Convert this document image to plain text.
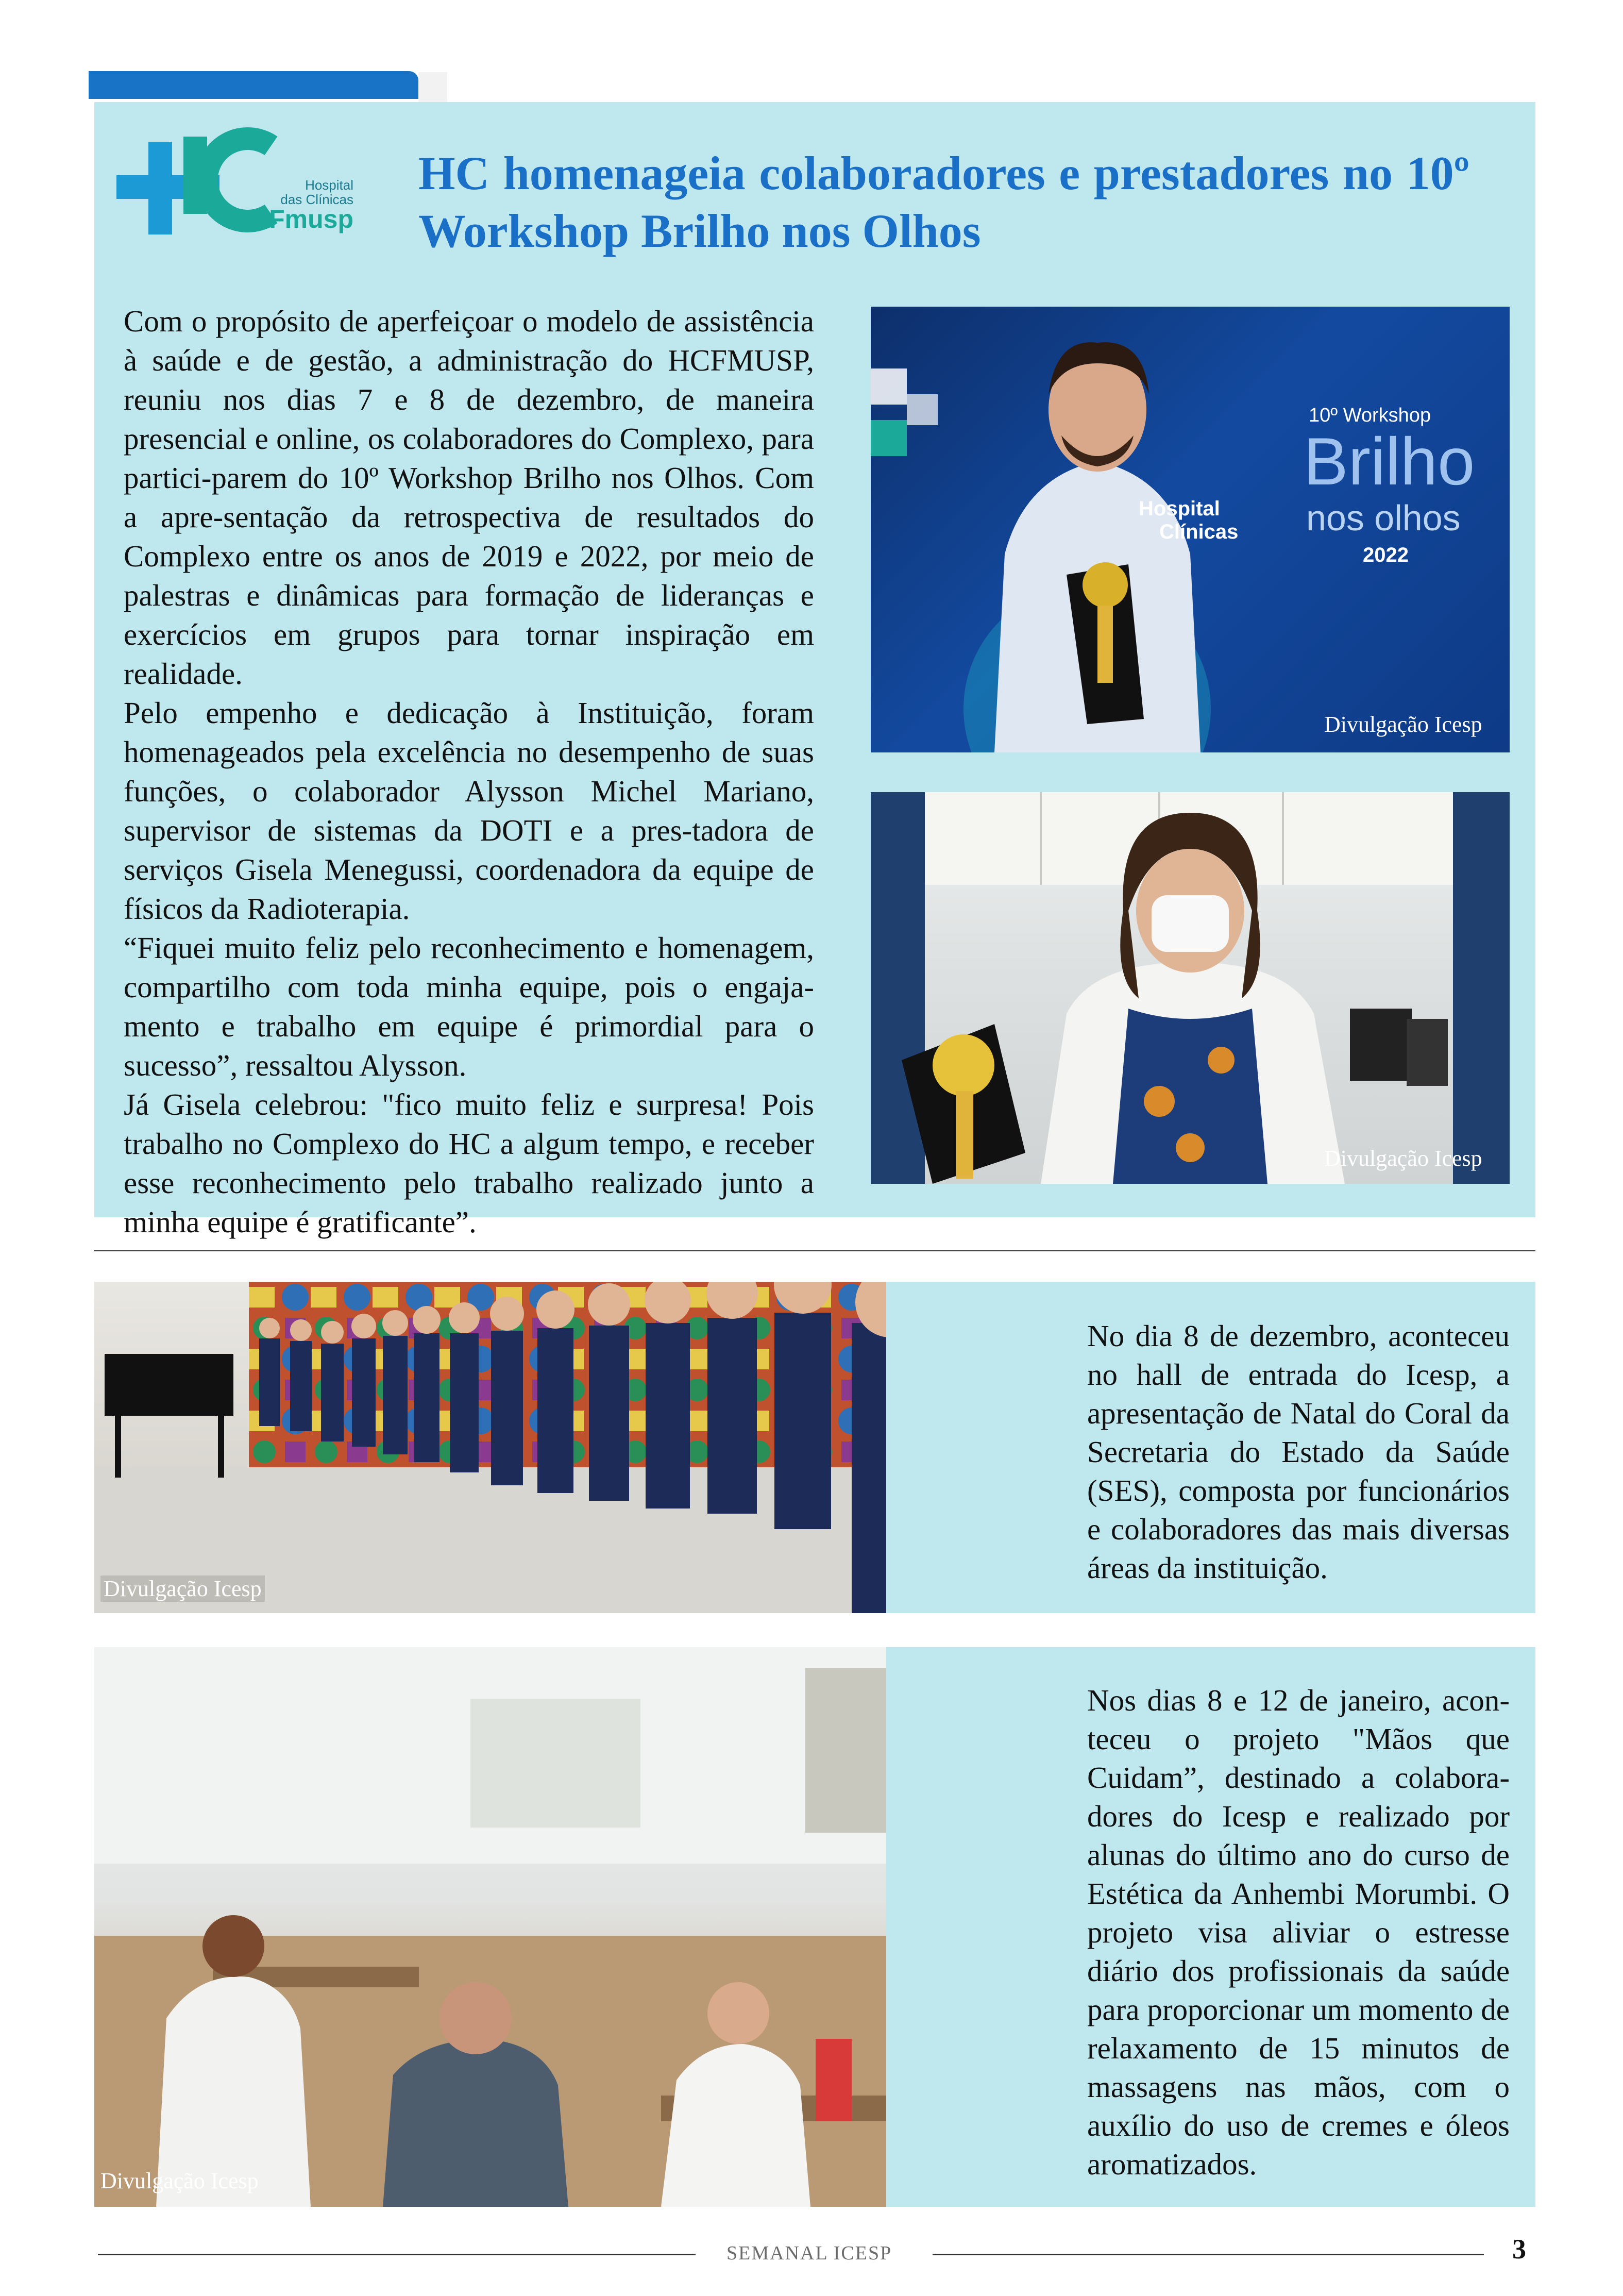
Hospital
das Clínicas
Fmusp
HC homenageia colaboradores e prestadores no 10º Workshop Brilho nos Olhos

Com o propósito de aperfeiçoar o modelo de assistência à saúde e de gestão, a administração do HCFMUSP, reuniu nos dias 7 e 8 de dezembro, de maneira presencial e online, os colaboradores do Complexo, para partici-parem do 10º Workshop Brilho nos Olhos. Com a apre-sentação da retrospectiva de resultados do Complexo entre os anos de 2019 e 2022, por meio de palestras e dinâmicas para formação de lideranças e exercícios em grupos para tornar inspiração em realidade.

Pelo empenho e dedicação à Instituição, foram homenageados pela excelência no desempenho de suas funções, o colaborador Alysson Michel Mariano, supervisor de sistemas da DOTI e a pres-tadora de serviços Gisela Menegussi, coordenadora da equipe de físicos da Radioterapia.

“Fiquei muito feliz pelo reconhecimento e homenagem, compartilho com toda minha equipe, pois o engaja-mento e trabalho em equipe é primordial para o sucesso”, ressaltou Alysson.

Já Gisela celebrou: "fico muito feliz e surpresa! Pois trabalho no Complexo do HC a algum tempo, e receber esse reconhecimento pelo trabalho realizado junto a minha equipe é gratificante”.

10º Workshop
Brilho
nos olhos
2022
Hospital
Clínicas
Divulgação Icesp
Divulgação Icesp
Divulgação Icesp
No dia 8 de dezembro, aconteceu no hall de entrada do Icesp, a apresentação de Natal do Coral da Secretaria do Estado da Saúde (SES), composta por funcionários e colaboradores das mais diversas áreas da instituição.
Divulgação Icesp
Nos dias 8 e 12 de janeiro, acon-teceu o projeto "Mãos que Cuidam”, destinado a colabora-dores do Icesp e realizado por alunas do último ano do curso de Estética da Anhembi Morumbi. O projeto visa aliviar o estresse diário dos profissionais da saúde para proporcionar um momento de relaxamento de 15 minutos de massagens nas mãos, com o auxílio do uso de cremes e óleos aromatizados.
SEMANAL ICESP	3
